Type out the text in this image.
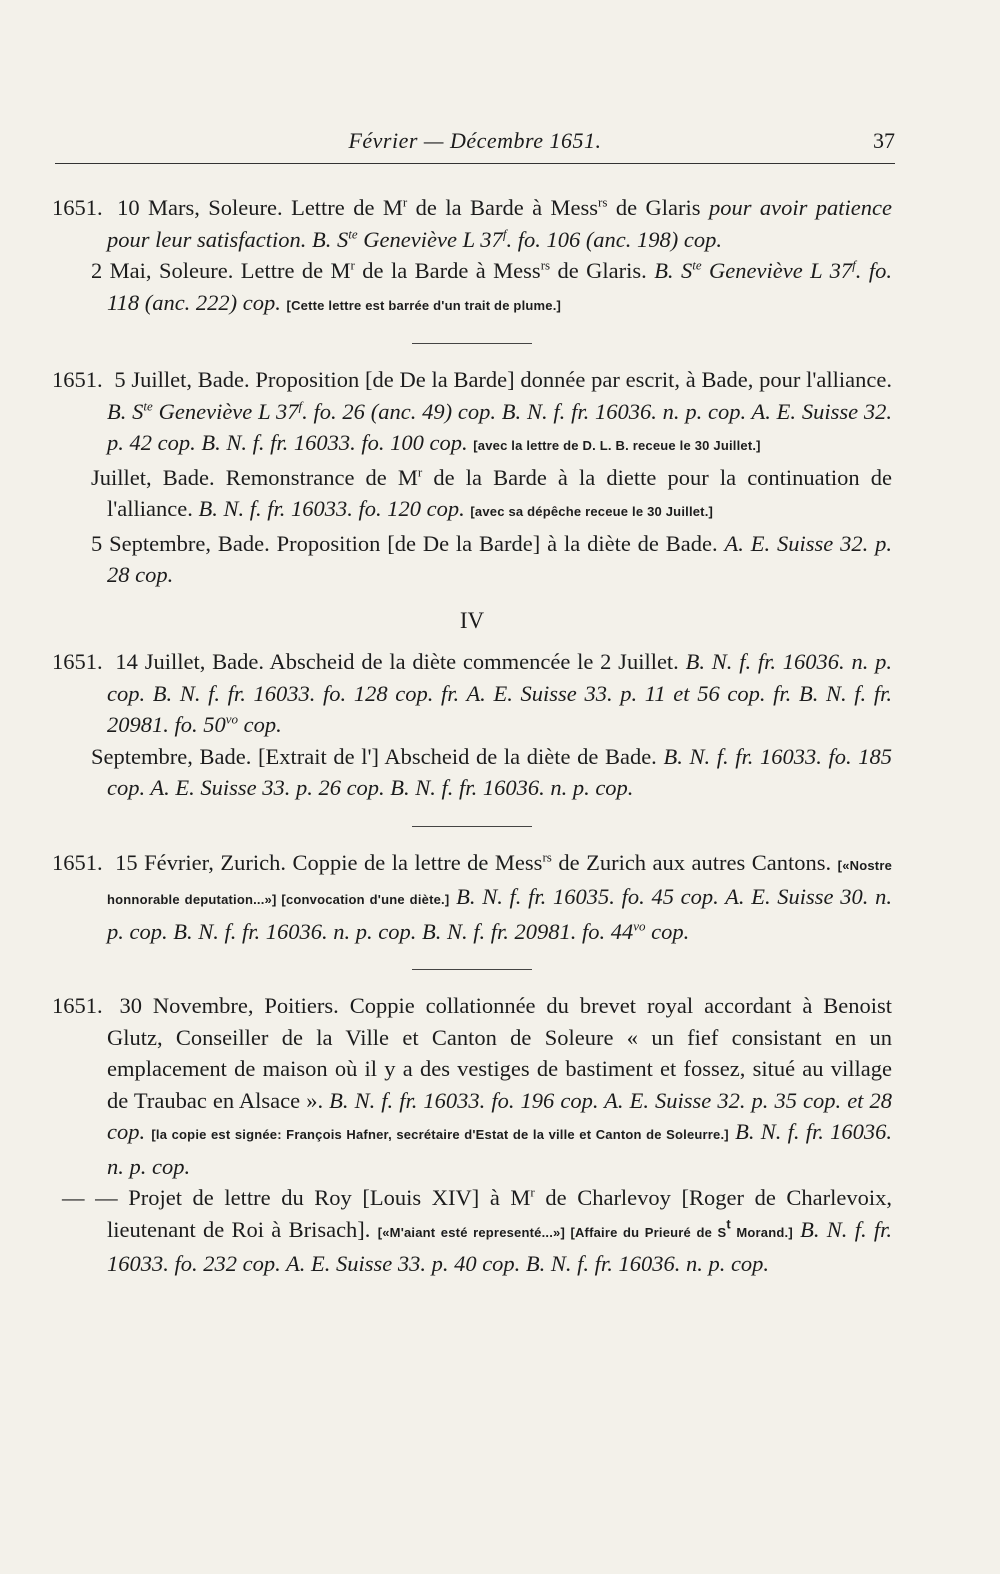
Février — Décembre 1651.	37

1651. 10 Mars, Soleure. Lettre de $M^r$ de la Barde à Mess$^{rs}$ de Glaris pour avoir patience pour leur satisfaction. B. S$^{te}$ Geneviève L 37$^f$. fo. 106 (anc. 198) cop.

2 Mai, Soleure. Lettre de $M^r$ de la Barde à Mess$^{rs}$ de Glaris. B. S$^{te}$ Geneviève L 37$^f$. fo. 118 (anc. 222) cop. [Cette lettre est barrée d'un trait de plume.]

1651. 5 Juillet, Bade. Proposition [de De la Barde] donnée par escrit, à Bade, pour l'alliance. B. S$^{te}$ Geneviève L 37$^f$. fo. 26 (anc. 49) cop. B. N. f. fr. 16036. n. p. cop. A. E. Suisse 32. p. 42 cop. B. N. f. fr. 16033. fo. 100 cop. [avec la lettre de D. L. B. receue le 30 Juillet.]

Juillet, Bade. Remonstrance de $M^r$ de la Barde à la diette pour la continuation de l'alliance. B. N. f. fr. 16033. fo. 120 cop. [avec sa dépêche receue le 30 Juillet.]

5 Septembre, Bade. Proposition [de De la Barde] à la diète de Bade. A. E. Suisse 32. p. 28 cop.

IV

1651. 14 Juillet, Bade. Abscheid de la diète commencée le 2 Juillet. B. N. f. fr. 16036. n. p. cop. B. N. f. fr. 16033. fo. 128 cop. fr. A. E. Suisse 33. p. 11 et 56 cop. fr. B. N. f. fr. 20981. fo. 50$^{vo}$ cop.

Septembre, Bade. [Extrait de l'] Abscheid de la diète de Bade. B. N. f. fr. 16033. fo. 185 cop. A. E. Suisse 33. p. 26 cop. B. N. f. fr. 16036. n. p. cop.

1651. 15 Février, Zurich. Coppie de la lettre de Mess$^{rs}$ de Zurich aux autres Cantons. [«Nostre honnorable deputation...»] [convocation d'une diète.] B. N. f. fr. 16035. fo. 45 cop. A. E. Suisse 30. n. p. cop. B. N. f. fr. 16036. n. p. cop. B. N. f. fr. 20981. fo. 44$^{vo}$ cop.

1651. 30 Novembre, Poitiers. Coppie collationnée du brevet royal accordant à Benoist Glutz, Conseiller de la Ville et Canton de Soleure « un fief consistant en un emplacement de maison où il y a des vestiges de bastiment et fossez, situé au village de Traubac en Alsace ». B. N. f. fr. 16033. fo. 196 cop. A. E. Suisse 32. p. 35 cop. et 28 cop. [la copie est signée: François Hafner, secrétaire d'Estat de la ville et Canton de Soleurre.] B. N. f. fr. 16036. n. p. cop.

— — Projet de lettre du Roy [Louis XIV] à $M^r$ de Charlevoy [Roger de Charlevoix, lieutenant de Roi à Brisach]. [«M'aiant esté representé...»] [Affaire du Prieuré de S$^t$ Morand.] B. N. f. fr. 16033. fo. 232 cop. A. E. Suisse 33. p. 40 cop. B. N. f. fr. 16036. n. p. cop.
